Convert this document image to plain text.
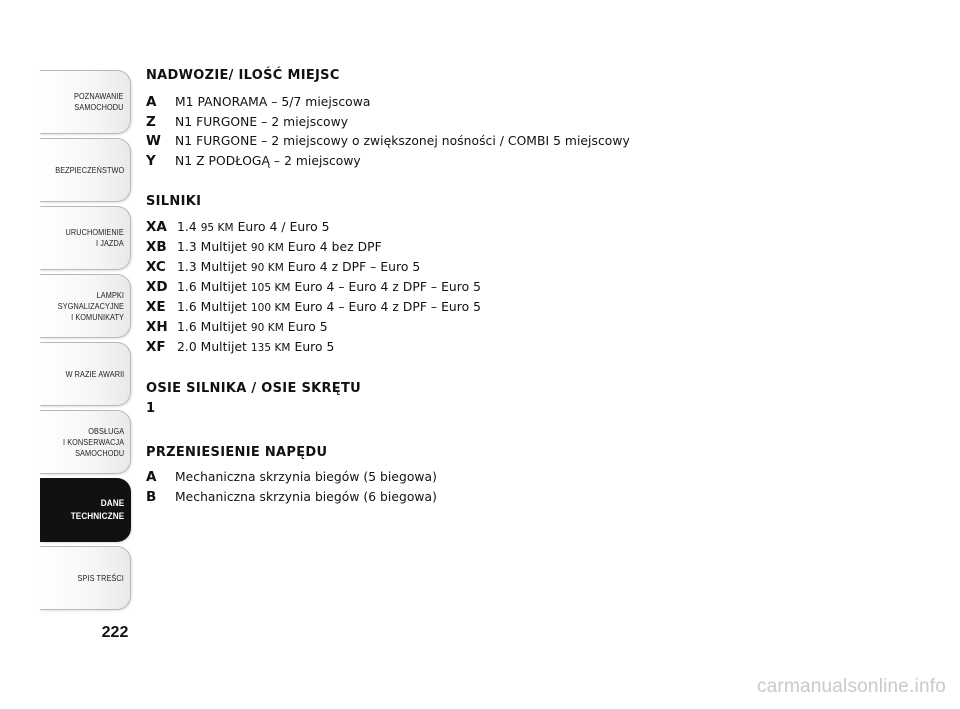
POZNAWANIE
SAMOCHODU
BEZPIECZEŃSTWO
URUCHOMIENIE
I JAZDA
LAMPKI
SYGNALIZACYJNE
I KOMUNIKATY
W RAZIE AWARII
OBSŁUGA
I KONSERWACJA
SAMOCHODU
DANE
TECHNICZNE
SPIS TREŚCI
222
NADWOZIE/ ILOŚĆ MIEJSC
A M1 PANORAMA – 5/7 miejscowa
Z N1 FURGONE – 2 miejscowy
W N1 FURGONE – 2 miejscowy o zwiększonej nośności / COMBI 5 miejscowy
Y N1 Z PODŁOGĄ – 2 miejscowy
SILNIKI
XA 1.4 95 KM Euro 4 / Euro 5
XB 1.3 Multijet 90 KM Euro 4 bez DPF
XC 1.3 Multijet 90 KM Euro 4 z DPF – Euro 5
XD 1.6 Multijet 105 KM Euro 4 – Euro 4 z DPF – Euro 5
XE 1.6 Multijet 100 KM Euro 4 – Euro 4 z DPF – Euro 5
XH 1.6 Multijet 90 KM Euro 5
XF 2.0 Multijet 135 KM Euro 5
OSIE SILNIKA / OSIE SKRĘTU
1
PRZENIESIENIE NAPĘDU
A Mechaniczna skrzynia biegów (5 biegowa)
B Mechaniczna skrzynia biegów (6 biegowa)
carmanualsonline.info
